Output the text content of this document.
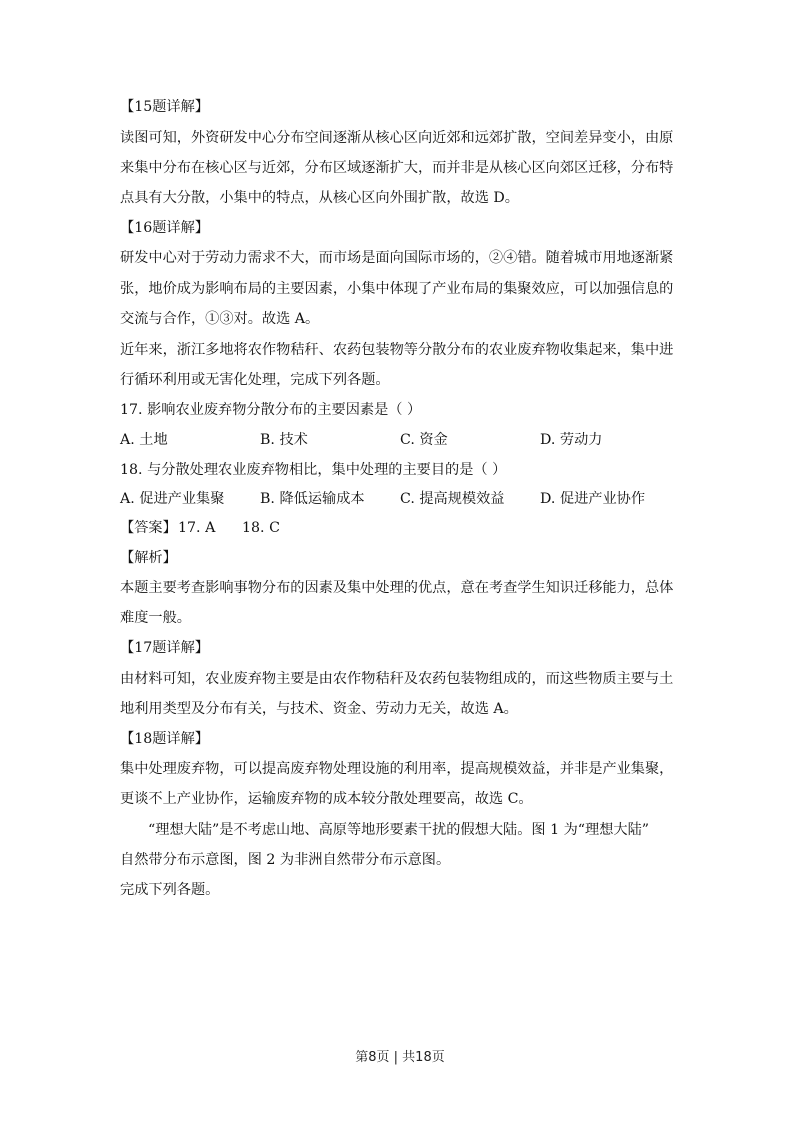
【15题详解】
读图可知，外资研发中心分布空间逐渐从核心区向近郊和远郊扩散，空间差异变小，由原
来集中分布在核心区与近郊，分布区域逐渐扩大，而并非是从核心区向郊区迁移，分布特
点具有大分散，小集中的特点，从核心区向外围扩散，故选 D。
【16题详解】
研发中心对于劳动力需求不大，而市场是面向国际市场的，②④错。随着城市用地逐渐紧
张，地价成为影响布局的主要因素，小集中体现了产业布局的集聚效应，可以加强信息的
交流与合作，①③对。故选 A。
近年来，浙江多地将农作物秸秆、农药包装物等分散分布的农业废弃物收集起来，集中进
行循环利用或无害化处理，完成下列各题。
17. 影响农业废弃物分散分布的主要因素是（ ）
A. 土地	B. 技术	C. 资金	D. 劳动力
18. 与分散处理农业废弃物相比，集中处理的主要目的是（ ）
A. 促进产业集聚	B. 降低运输成本 C. 提高规模效益	D. 促进产业协作
【答案】 17. A 18. C
【解析】
本题主要考查影响事物分布的因素及集中处理的优点，意在考查学生知识迁移能力，总体
难度一般。
【17题详解】
由材料可知，农业废弃物主要是由农作物秸秆及农药包装物组成的，而这些物质主要与土
地利用类型及分布有关，与技术、资金、劳动力无关，故选 A。
【18题详解】
集中处理废弃物，可以提高废弃物处理设施的利用率，提高规模效益，并非是产业集聚，
更谈不上产业协作，运输废弃物的成本较分散处理要高，故选 C。
“理想大陆”是不考虑山地、高原等地形要素干扰的假想大陆。图 1 为“理想大陆”
自然带分布示意图，图 2 为非洲自然带分布示意图。
完成下列各题。
第8页 | 共18页
